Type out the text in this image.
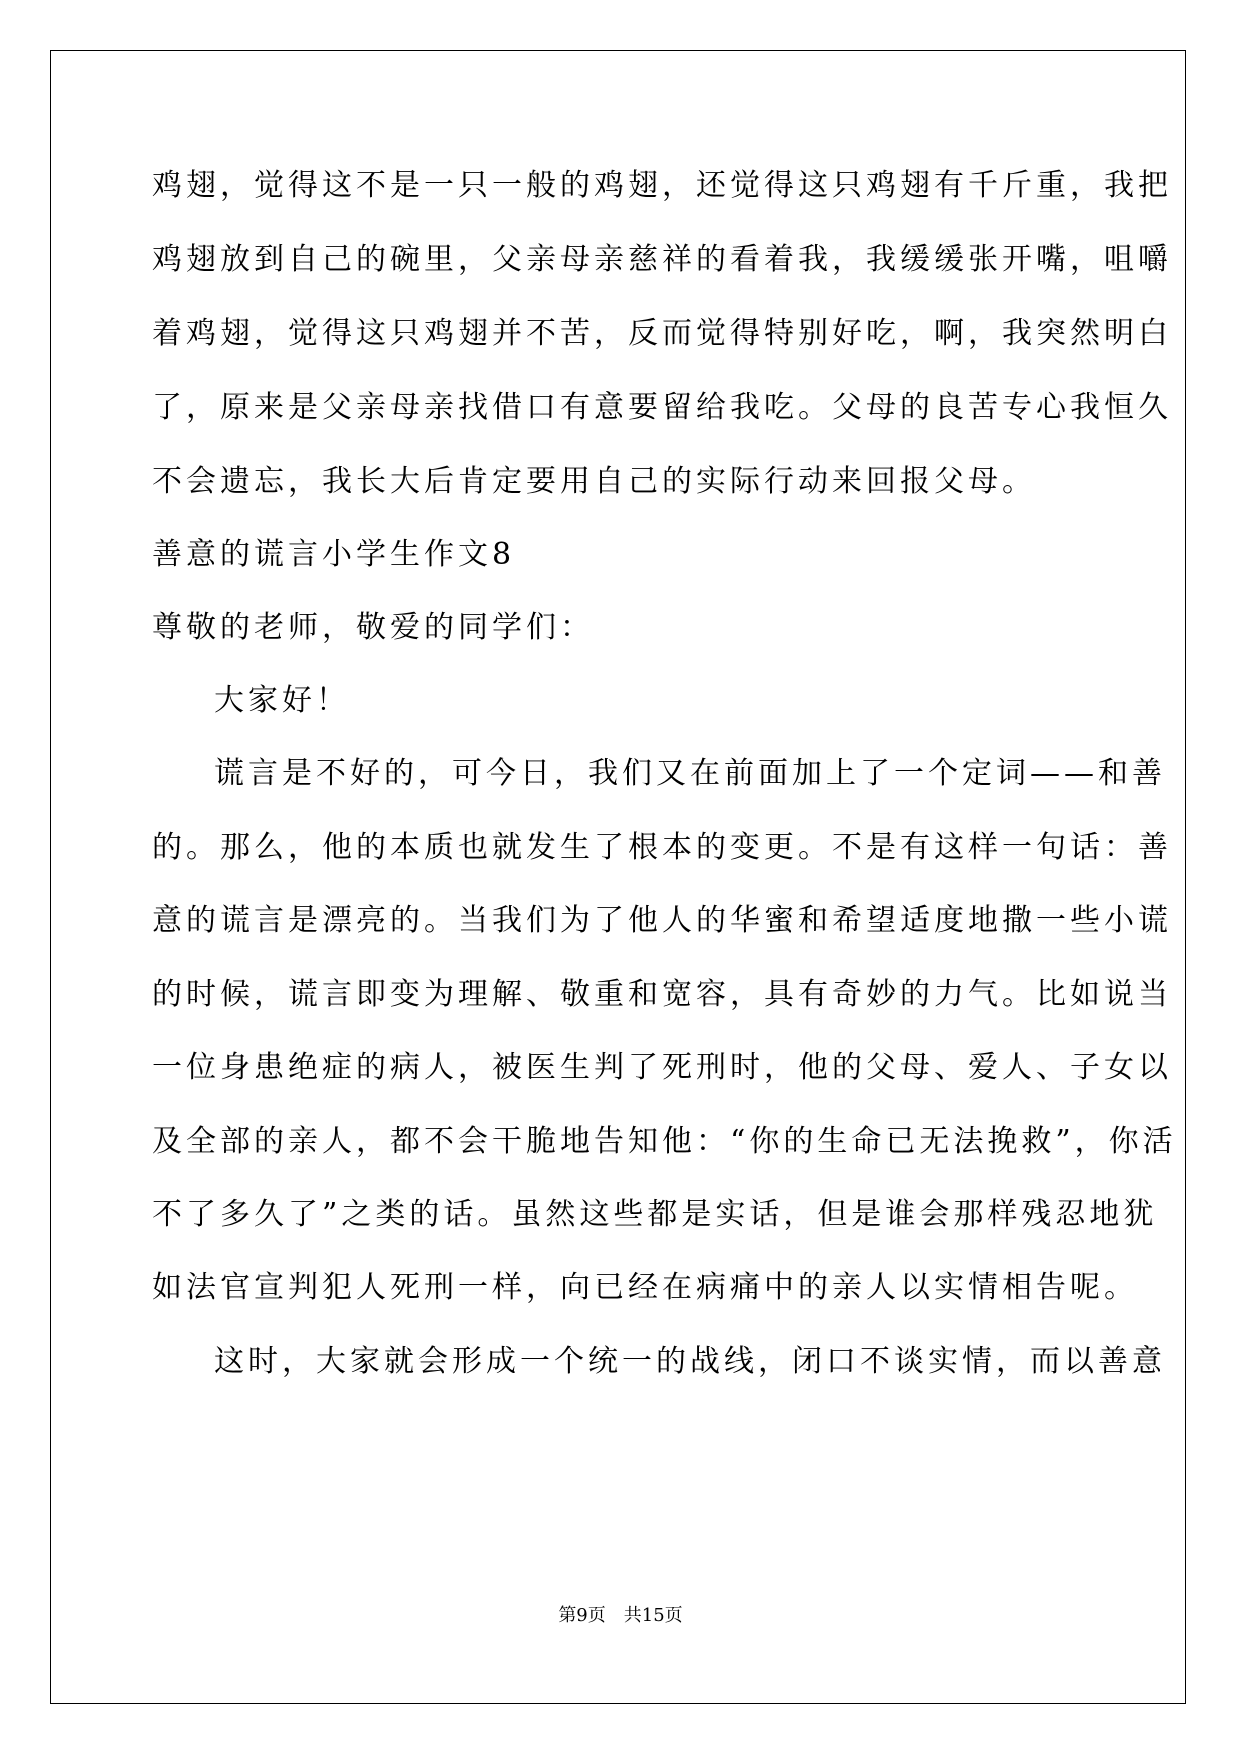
鸡翅，觉得这不是一只一般的鸡翅，还觉得这只鸡翅有千斤重，我把
鸡翅放到自己的碗里，父亲母亲慈祥的看着我，我缓缓张开嘴，咀嚼
着鸡翅，觉得这只鸡翅并不苦，反而觉得特别好吃，啊，我突然明白
了，原来是父亲母亲找借口有意要留给我吃。父母的良苦专心我恒久
不会遗忘，我长大后肯定要用自己的实际行动来回报父母。
善意的谎言小学生作文8
尊敬的老师，敬爱的同学们：
大家好！
谎言是不好的，可今日，我们又在前面加上了一个定词——和善
的。那么，他的本质也就发生了根本的变更。不是有这样一句话：善
意的谎言是漂亮的。当我们为了他人的华蜜和希望适度地撒一些小谎
的时候，谎言即变为理解、敬重和宽容，具有奇妙的力气。比如说当
一位身患绝症的病人，被医生判了死刑时，他的父母、爱人、子女以
及全部的亲人，都不会干脆地告知他：“你的生命已无法挽救”，你活
不了多久了”之类的话。虽然这些都是实话，但是谁会那样残忍地犹
如法官宣判犯人死刑一样，向已经在病痛中的亲人以实情相告呢。
这时，大家就会形成一个统一的战线，闭口不谈实情，而以善意
第9页　共15页
